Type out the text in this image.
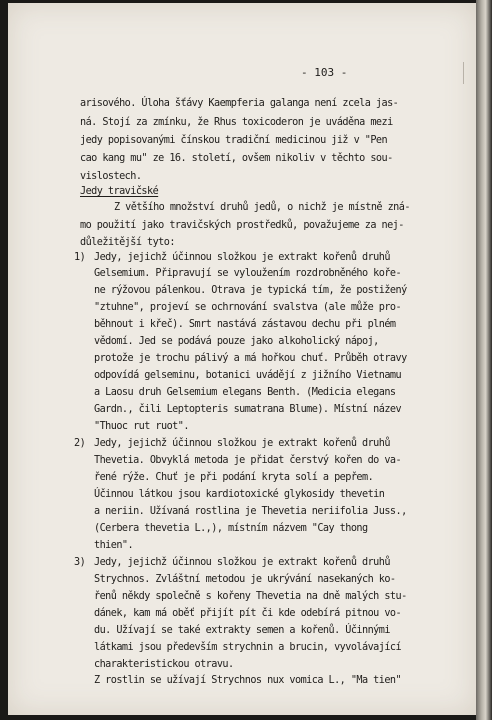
- 103 -
arisového. Úloha šťávy Kaempferia galanga není zcela jas-
ná. Stojí za zmínku, že Rhus toxicoderon je uváděna mezi
jedy popisovanými čínskou tradiční medicinou již v "Pen
cao kang mu" ze 16. století, ovšem nikoliv v těchto sou-
vislostech.
Jedy travičské
Z většího množství druhů jedů, o nichž je místně zná-
mo použití jako travičských prostředků, považujeme za nej-
důležitější tyto:
1) Jedy, jejichž účinnou složkou je extrakt kořenů druhů
Gelsemium. Připravují se vyloužením rozdrobněného koře-
ne rýžovou pálenkou. Otrava je typická tím, že postižený
"ztuhne", projeví se ochrnování svalstva (ale může pro-
běhnout i křeč). Smrt nastává zástavou dechu při plném
vědomí. Jed se podává pouze jako alkoholický nápoj,
protože je trochu pálivý a má hořkou chuť. Průběh otravy
odpovídá gelseminu, botanici uvádějí z jižního Vietnamu
a Laosu druh Gelsemium elegans Benth. (Medicia elegans
Gardn., čili Leptopteris sumatrana Blume). Místní název
"Thuoc rut ruot".
2) Jedy, jejichž účinnou složkou je extrakt kořenů druhů
Thevetia. Obvyklá metoda je přidat čerstvý kořen do va-
řené rýže. Chuť je při podání kryta solí a pepřem.
Účinnou látkou jsou kardiotoxické glykosidy thevetin
a neriin. Užívaná rostlina je Thevetia neriifolia Juss.,
(Cerbera thevetia L.,), místním názvem "Cay thong
thien".
3) Jedy, jejichž účinnou složkou je extrakt kořenů druhů
Strychnos. Zvláštní metodou je ukrývání nasekaných ko-
řenů někdy společně s kořeny Thevetia na dně malých stu-
dánek, kam má oběť přijít pít či kde odebírá pitnou vo-
du. Užívají se také extrakty semen a kořenů. Účinnými
látkami jsou především strychnin a brucin, vyvolávající
charakteristickou otravu.
Z rostlin se užívají Strychnos nux vomica L., "Ma tien"
